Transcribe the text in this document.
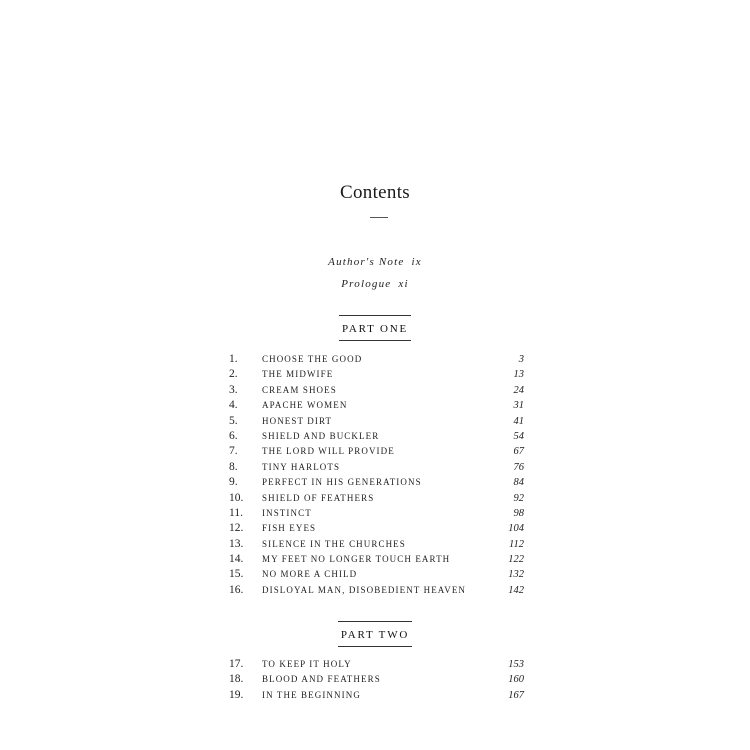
Contents
Author's Note ix
Prologue xi
PART ONE
1.	CHOOSE THE GOOD	3
2.	THE MIDWIFE	13
3.	CREAM SHOES	24
4.	APACHE WOMEN	31
5.	HONEST DIRT	41
6.	SHIELD AND BUCKLER	54
7.	THE LORD WILL PROVIDE	67
8.	TINY HARLOTS	76
9.	PERFECT IN HIS GENERATIONS	84
10. SHIELD OF FEATHERS	92
11. INSTINCT	98
12. FISH EYES	104
13. SILENCE IN THE CHURCHES	112
14. MY FEET NO LONGER TOUCH EARTH	122
15. NO MORE A CHILD	132
16. DISLOYAL MAN, DISOBEDIENT HEAVEN	142
PART TWO
17. TO KEEP IT HOLY	153
18. BLOOD AND FEATHERS	160
19. IN THE BEGINNING	167
